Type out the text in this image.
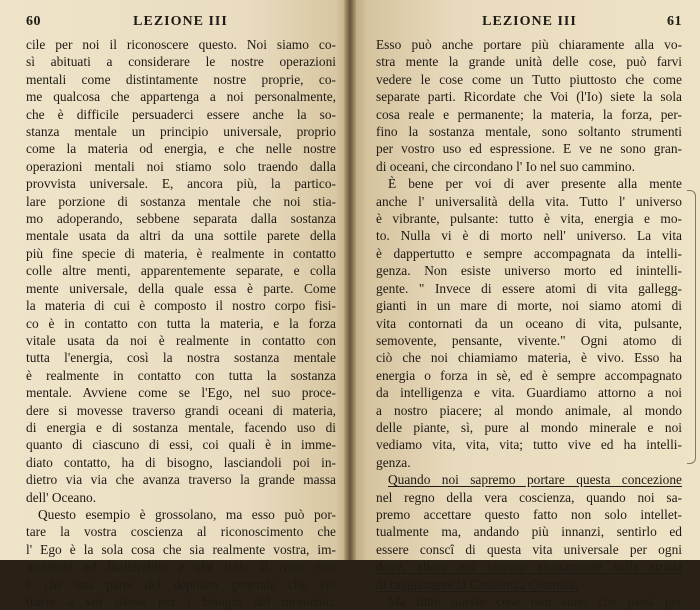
60	LEZIONE III
cile per noi il riconoscere questo. Noi siamo co-
sì abituati a considerare le nostre operazioni
mentali come distintamente nostre proprie, co-
me qualcosa che appartenga a noi personalmente,
che è difficile persuaderci essere anche la so-
stanza mentale un principio universale, proprio
come la materia od energia, e che nelle nostre
operazioni mentali noi stiamo solo traendo dalla
provvista universale. E, ancora più, la partico-
lare porzione di sostanza mentale che noi stia-
mo adoperando, sebbene separata dalla sostanza
mentale usata da altri da una sottile parete della
più fine specie di materia, è realmente in contatto
colle altre menti, apparentemente separate, e colla
mente universale, della quale essa è parte. Come
la materia di cui è composto il nostro corpo fisi-
co è in contatto con tutta la materia, e la forza
vitale usata da noi è realmente in contatto con
tutta l'energia, così la nostra sostanza mentale
è realmente in contatto con tutta la sostanza
mentale. Avviene come se l'Ego, nel suo proce-
dere si movesse traverso grandi oceani di materia,
di energia e di sostanza mentale, facendo uso di
quanto di ciascuno di essi, coi quali è in imme-
diato contatto, ha di bisogno, lasciandoli poi in-
dietro via via che avanza traverso la grande massa
dell' Oceano.
Questo esempio è grossolano, ma esso può por-
tare la vostra coscienza al riconoscimento che
l' Ego è la sola cosa che sia realmente vostra, im-
mutabile ed inalterabile e che tutto il resto non
è che una parte del deposito generale che voi
traete a voi stesso per i bisogni del momento.
LEZIONE III	61
Esso può anche portare più chiaramente alla vo-
stra mente la grande unità delle cose, può farvi
vedere le cose come un Tutto piuttosto che come
separate parti. Ricordate che Voi (l'Io) siete la sola
cosa reale e permanente; la materia, la forza, per-
fino la sostanza mentale, sono soltanto strumenti
per vostro uso ed espressione. E ve ne sono gran-
di oceani, che circondano l' Io nel suo cammino.
È bene per voi di aver presente alla mente
anche l' universalità della vita. Tutto l' universo
è vibrante, pulsante: tutto è vita, energia e mo-
to. Nulla vi è di morto nell' universo. La vita
è dappertutto e sempre accompagnata da intelli-
genza. Non esiste universo morto ed inintelli-
gente. " Invece di essere atomi di vita gallegg-
gianti in un mare di morte, noi siamo atomi di
vita contornati da un oceano di vita, pulsante,
semovente, pensante, vivente." Ogni atomo di
ciò che noi chiamiamo materia, è vivo. Esso ha
energia o forza in sè, ed è sempre accompagnato
da intelligenza e vita. Guardiamo attorno a noi
a nostro piacere; al mondo animale, al mondo
delle piante, sì, pure al mondo minerale e noi
vediamo vita, vita, vita; tutto vive ed ha intelli-
genza.
Quando noi sapremo portare questa concezione
nel regno della vera coscienza, quando noi sa-
premo accettare questo fatto non solo intellet-
tualmente ma, andando più innanzi, sentirlo ed
essere conscî di questa vita universale per ogni
dove, allora noi saremo sicuramente sulla strada
di raggiungere la Coscienza Cosmica.
Ma tutte queste cose non sono che passi per
